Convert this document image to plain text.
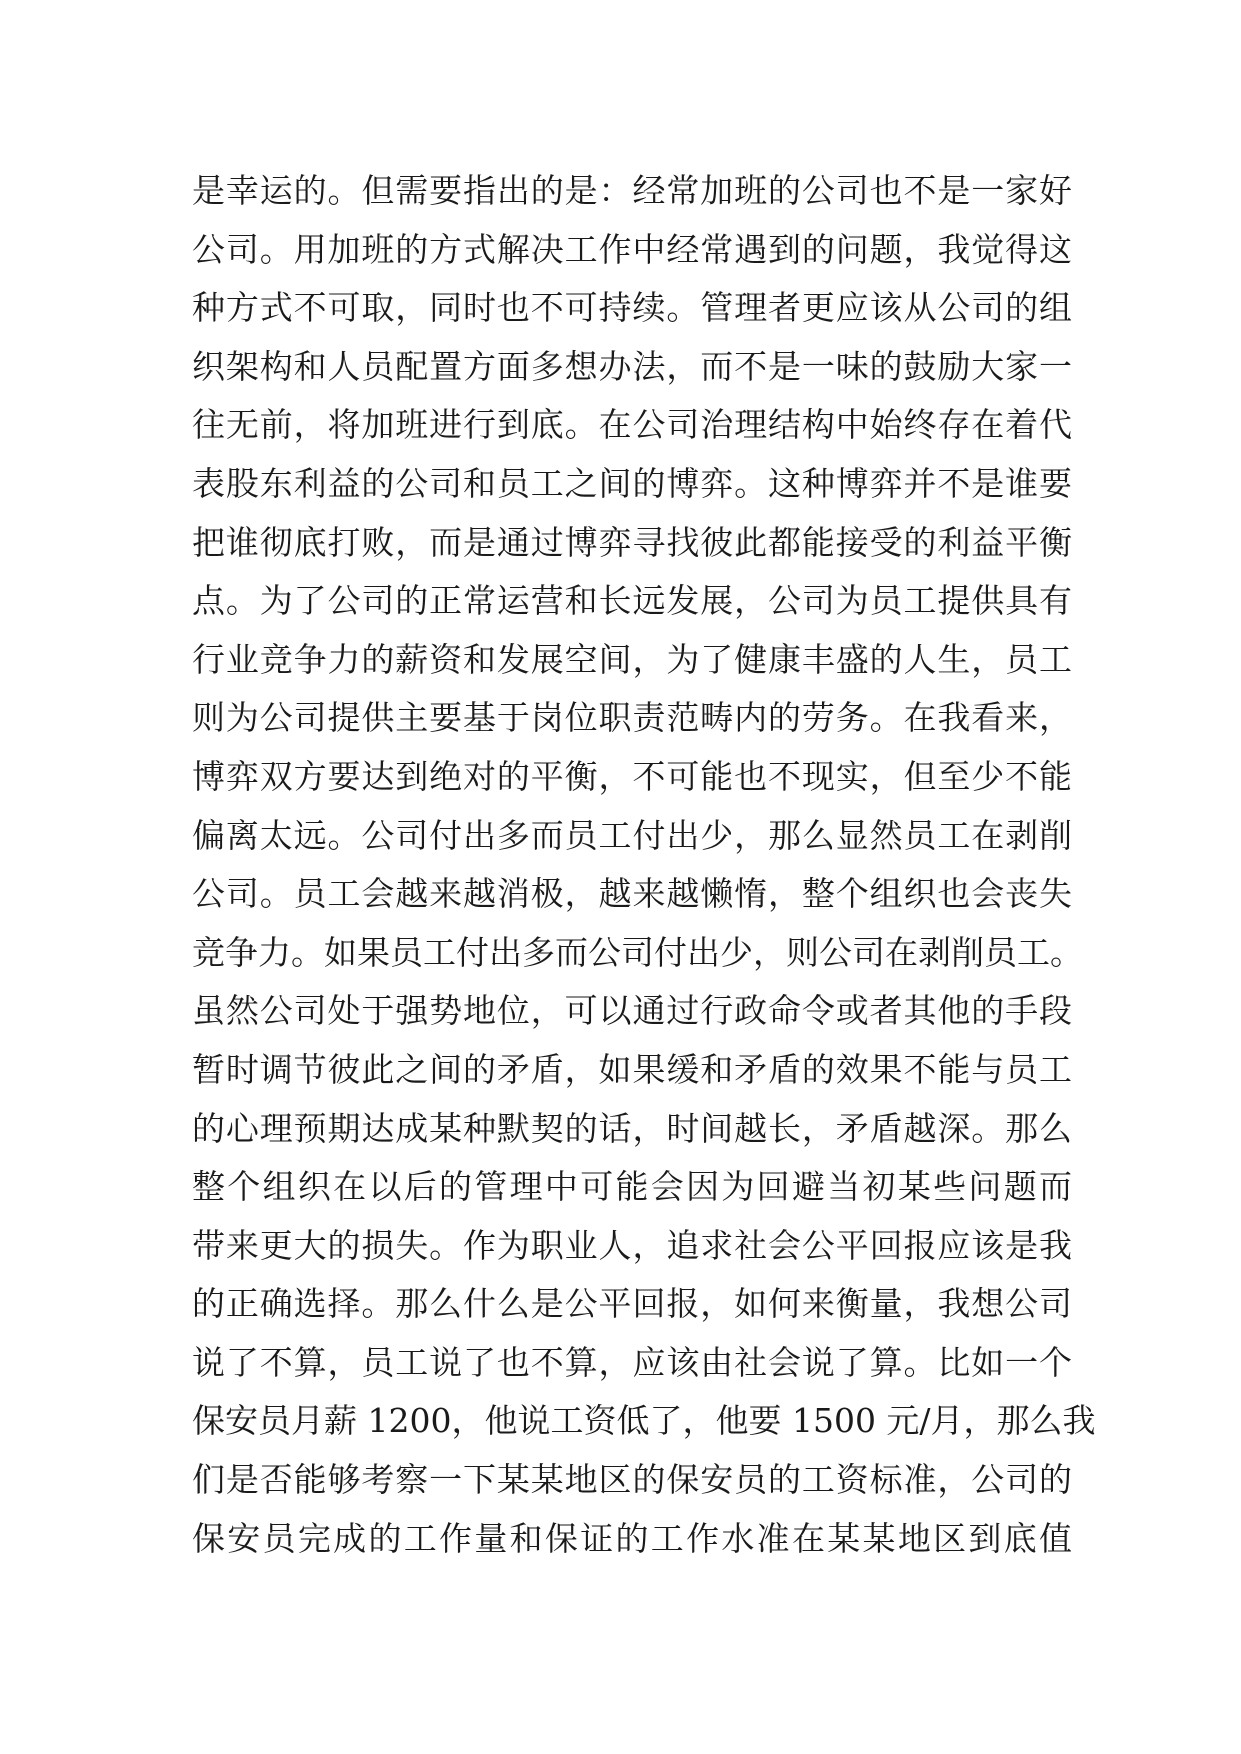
是幸运的。但需要指出的是：经常加班的公司也不是一家好
公司。用加班的方式解决工作中经常遇到的问题，我觉得这
种方式不可取，同时也不可持续。管理者更应该从公司的组
织架构和人员配置方面多想办法，而不是一味的鼓励大家一
往无前，将加班进行到底。在公司治理结构中始终存在着代
表股东利益的公司和员工之间的博弈。这种博弈并不是谁要
把谁彻底打败，而是通过博弈寻找彼此都能接受的利益平衡
点。为了公司的正常运营和长远发展，公司为员工提供具有
行业竞争力的薪资和发展空间，为了健康丰盛的人生，员工
则为公司提供主要基于岗位职责范畴内的劳务。在我看来，
博弈双方要达到绝对的平衡，不可能也不现实，但至少不能
偏离太远。公司付出多而员工付出少，那么显然员工在剥削
公司。员工会越来越消极，越来越懒惰，整个组织也会丧失
竞争力。如果员工付出多而公司付出少，则公司在剥削员工。
虽然公司处于强势地位，可以通过行政命令或者其他的手段
暂时调节彼此之间的矛盾，如果缓和矛盾的效果不能与员工
的心理预期达成某种默契的话，时间越长，矛盾越深。那么
整个组织在以后的管理中可能会因为回避当初某些问题而
带来更大的损失。作为职业人，追求社会公平回报应该是我
的正确选择。那么什么是公平回报，如何来衡量，我想公司
说了不算，员工说了也不算，应该由社会说了算。比如一个
保安员月薪 1200，他说工资低了，他要 1500 元/月，那么我
们是否能够考察一下某某地区的保安员的工资标准，公司的
保安员完成的工作量和保证的工作水准在某某地区到底值
